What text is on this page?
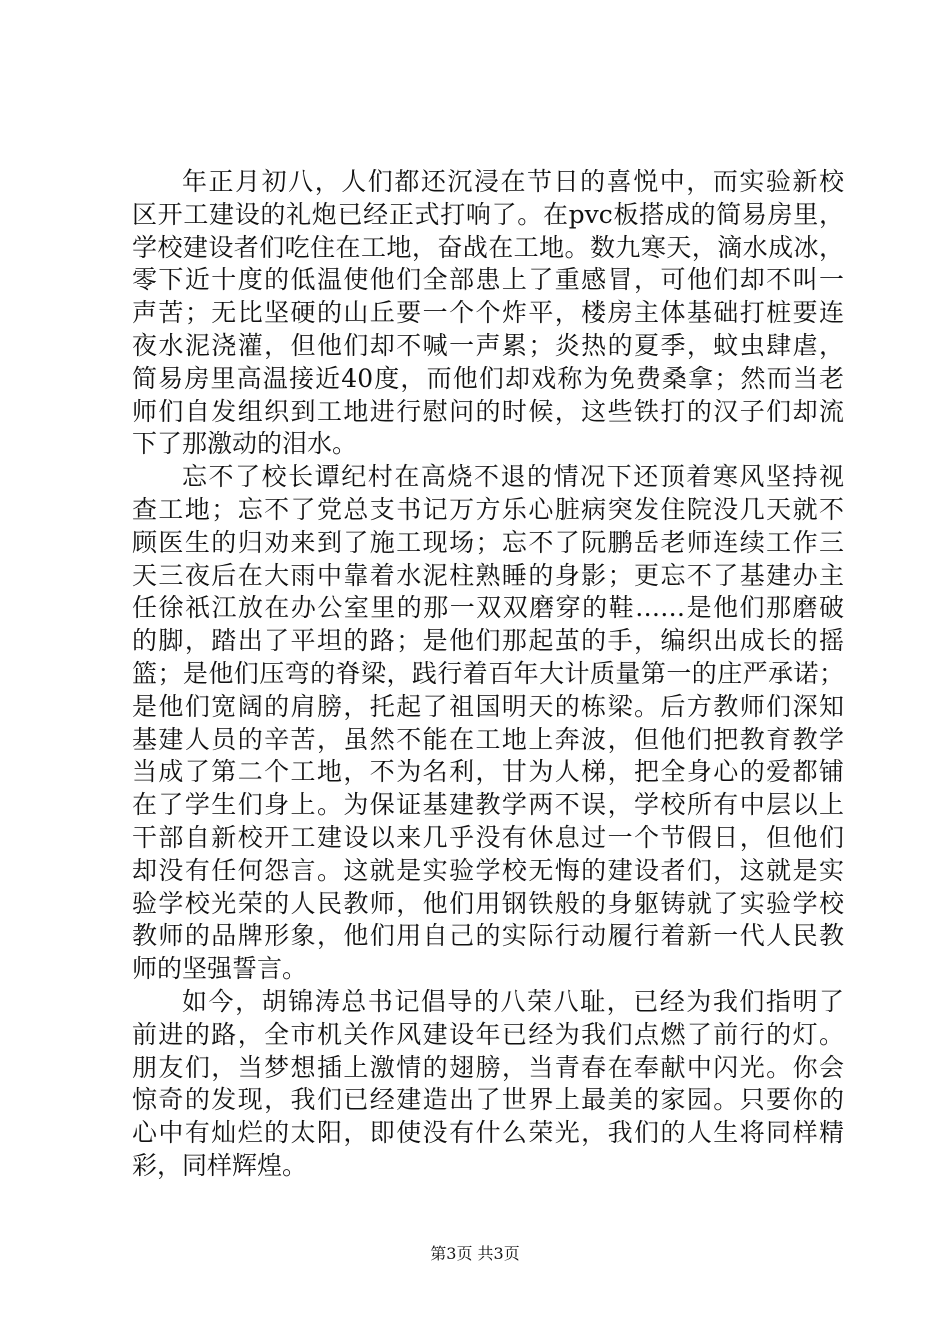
年正月初八，人们都还沉浸在节日的喜悦中，而实验新校
区开工建设的礼炮已经正式打响了。在pvc板搭成的简易房里，
学校建设者们吃住在工地，奋战在工地。数九寒天，滴水成冰，
零下近十度的低温使他们全部患上了重感冒，可他们却不叫一
声苦；无比坚硬的山丘要一个个炸平，楼房主体基础打桩要连
夜水泥浇灌，但他们却不喊一声累；炎热的夏季，蚊虫肆虐，
简易房里高温接近40度，而他们却戏称为免费桑拿；然而当老
师们自发组织到工地进行慰问的时候，这些铁打的汉子们却流
下了那激动的泪水。
忘不了校长谭纪村在高烧不退的情况下还顶着寒风坚持视
查工地；忘不了党总支书记万方乐心脏病突发住院没几天就不
顾医生的归劝来到了施工现场；忘不了阮鹏岳老师连续工作三
天三夜后在大雨中靠着水泥柱熟睡的身影；更忘不了基建办主
任徐祇江放在办公室里的那一双双磨穿的鞋……是他们那磨破
的脚，踏出了平坦的路；是他们那起茧的手，编织出成长的摇
篮；是他们压弯的脊梁，践行着百年大计质量第一的庄严承诺；
是他们宽阔的肩膀，托起了祖国明天的栋梁。后方教师们深知
基建人员的辛苦，虽然不能在工地上奔波，但他们把教育教学
当成了第二个工地，不为名利，甘为人梯，把全身心的爱都铺
在了学生们身上。为保证基建教学两不误，学校所有中层以上
干部自新校开工建设以来几乎没有休息过一个节假日，但他们
却没有任何怨言。这就是实验学校无悔的建设者们，这就是实
验学校光荣的人民教师，他们用钢铁般的身躯铸就了实验学校
教师的品牌形象，他们用自己的实际行动履行着新一代人民教
师的坚强誓言。
如今，胡锦涛总书记倡导的八荣八耻，已经为我们指明了
前进的路，全市机关作风建设年已经为我们点燃了前行的灯。
朋友们，当梦想插上激情的翅膀，当青春在奉献中闪光。你会
惊奇的发现，我们已经建造出了世界上最美的家园。只要你的
心中有灿烂的太阳，即使没有什么荣光，我们的人生将同样精
彩，同样辉煌。
第3页 共3页
